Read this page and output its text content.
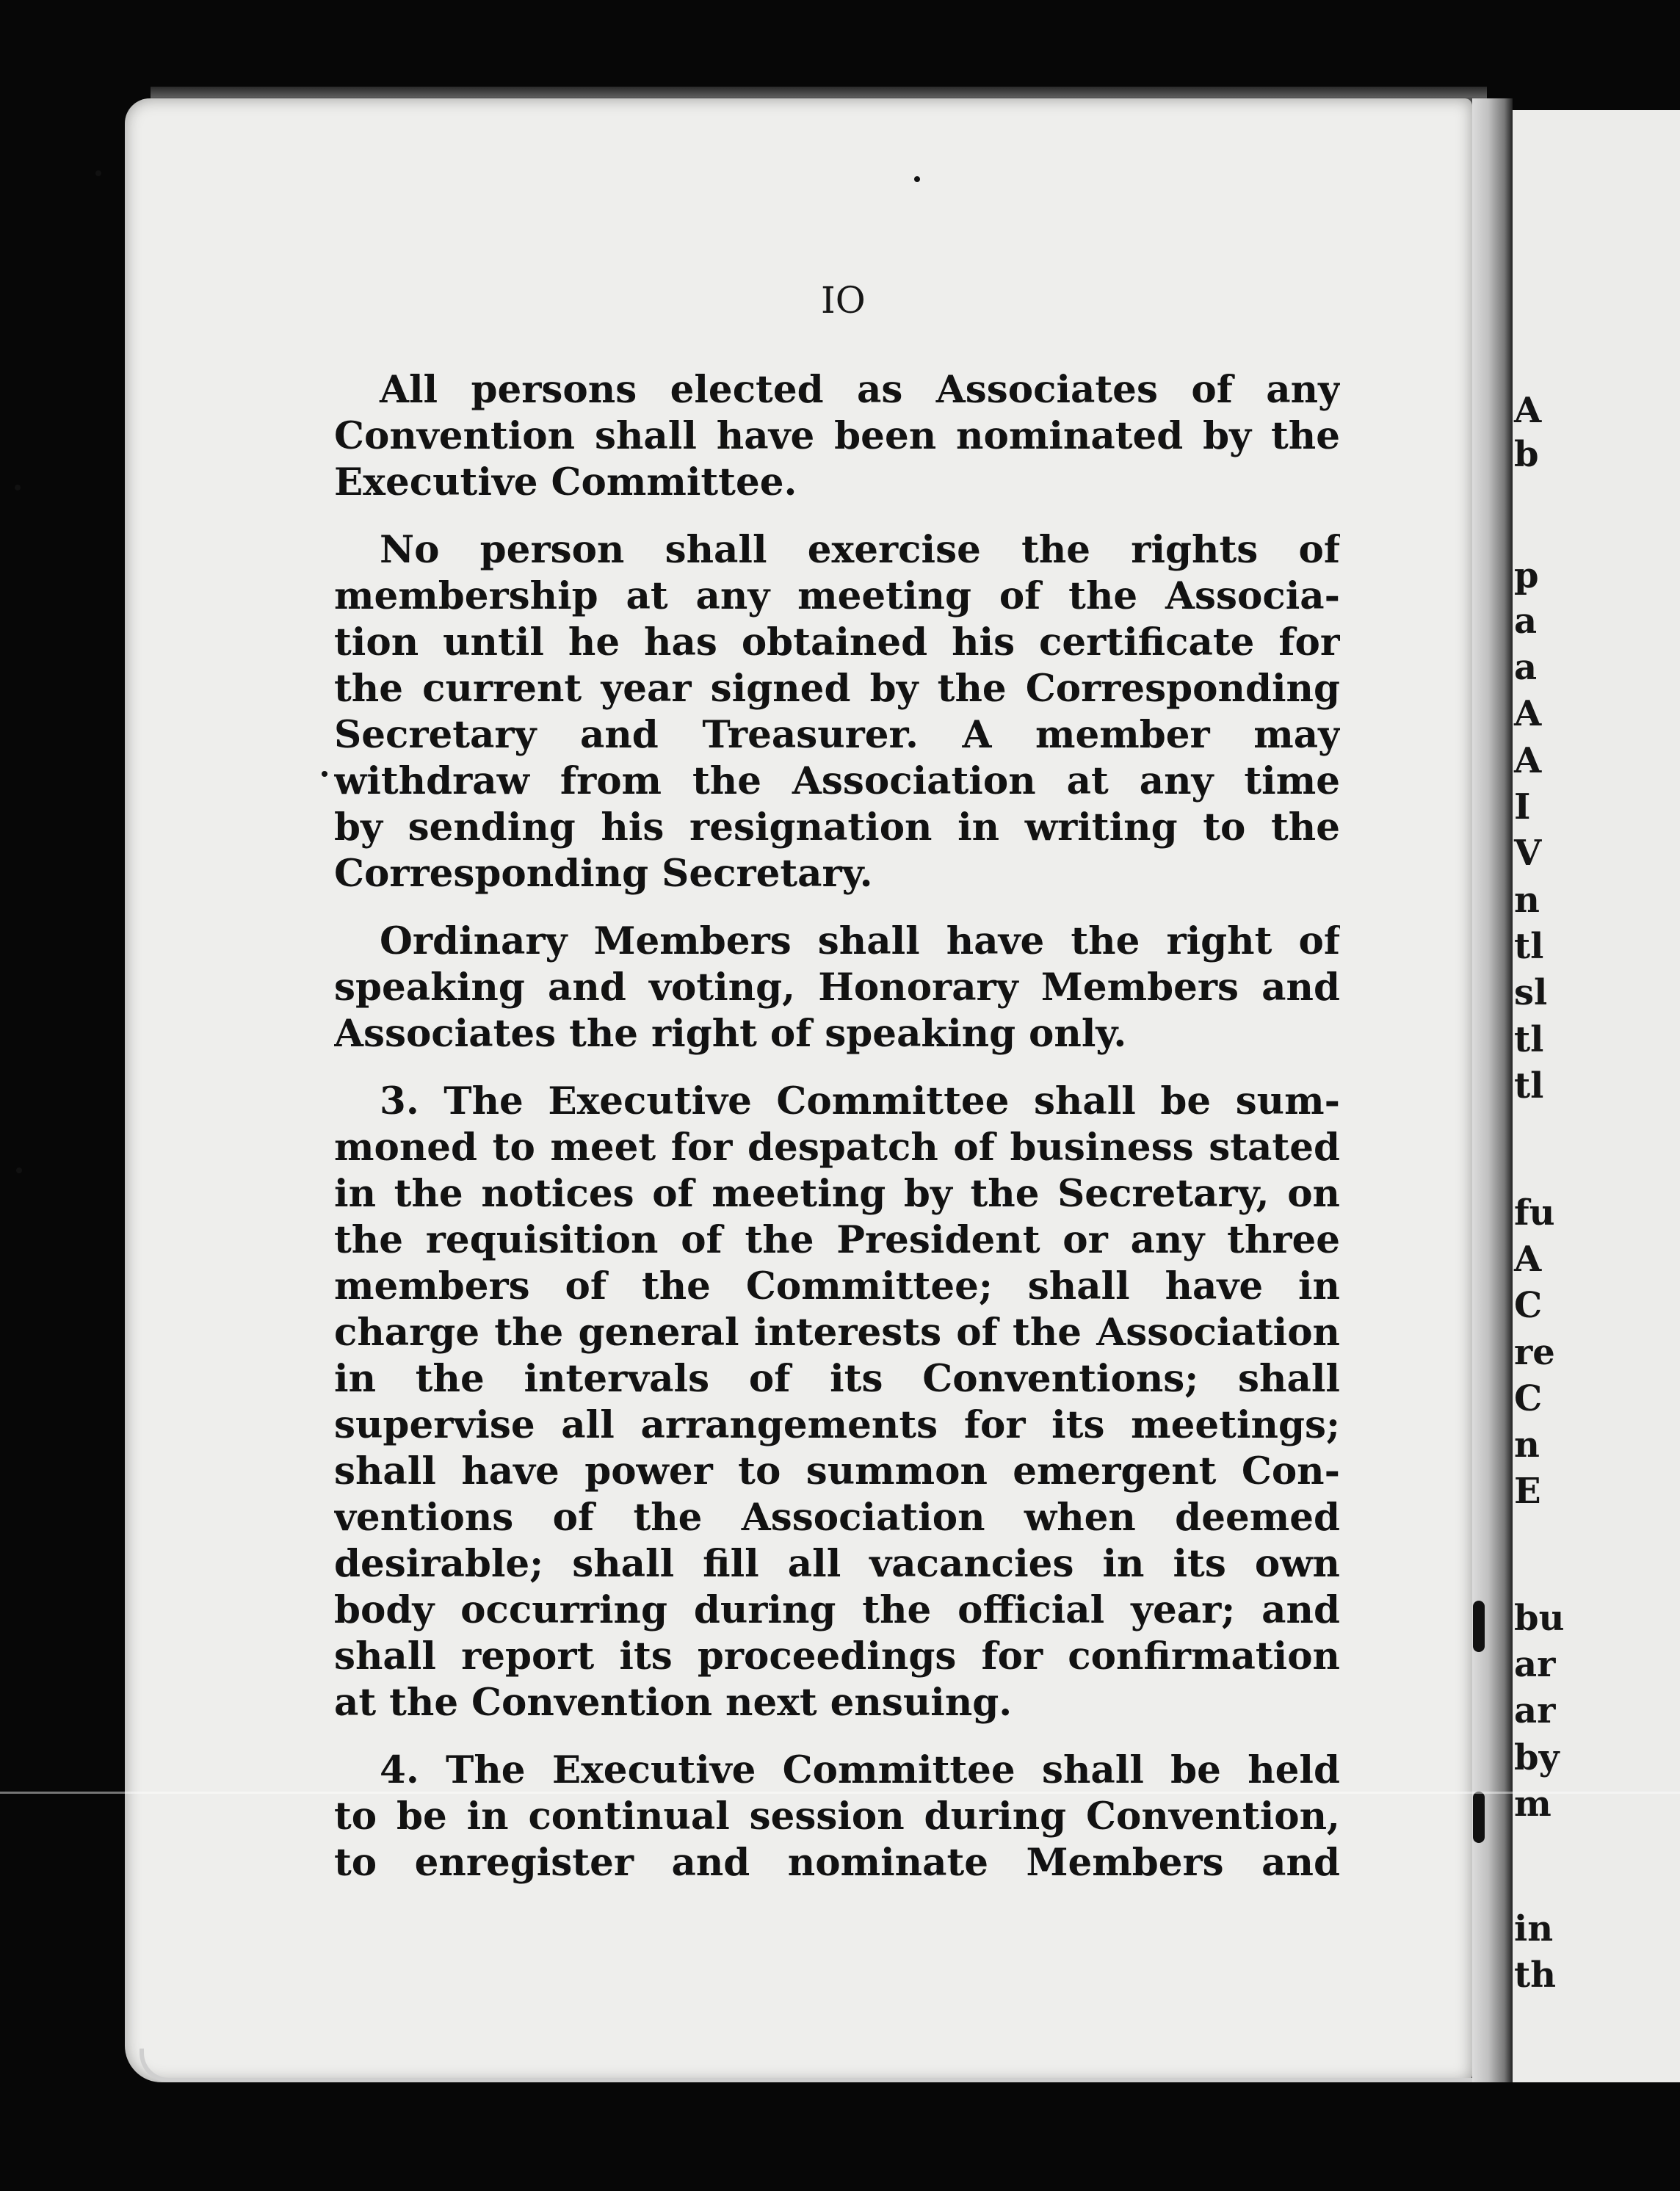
A
b
p
a
a
A
A
I
V
n
tl
sl
tl
tl
fu
A
C
re
C
n
E
bu
ar
ar
by
m
in
th
IO
All persons elected as Associates of any
Convention shall have been nominated by the
Executive Committee.
No person shall exercise the rights of
membership at any meeting of the Associa-
tion until he has obtained his certificate for
the current year signed by the Corresponding
Secretary and Treasurer. A member may
withdraw from the Association at any time
by sending his resignation in writing to the
Corresponding Secretary.
Ordinary Members shall have the right of
speaking and voting, Honorary Members and
Associates the right of speaking only.
3. The Executive Committee shall be sum-
moned to meet for despatch of business stated
in the notices of meeting by the Secretary, on
the requisition of the President or any three
members of the Committee; shall have in
charge the general interests of the Association
in the intervals of its Conventions; shall
supervise all arrangements for its meetings;
shall have power to summon emergent Con-
ventions of the Association when deemed
desirable; shall fill all vacancies in its own
body occurring during the official year; and
shall report its proceedings for confirmation
at the Convention next ensuing.
4. The Executive Committee shall be held
to be in continual session during Convention,
to enregister and nominate Members and
